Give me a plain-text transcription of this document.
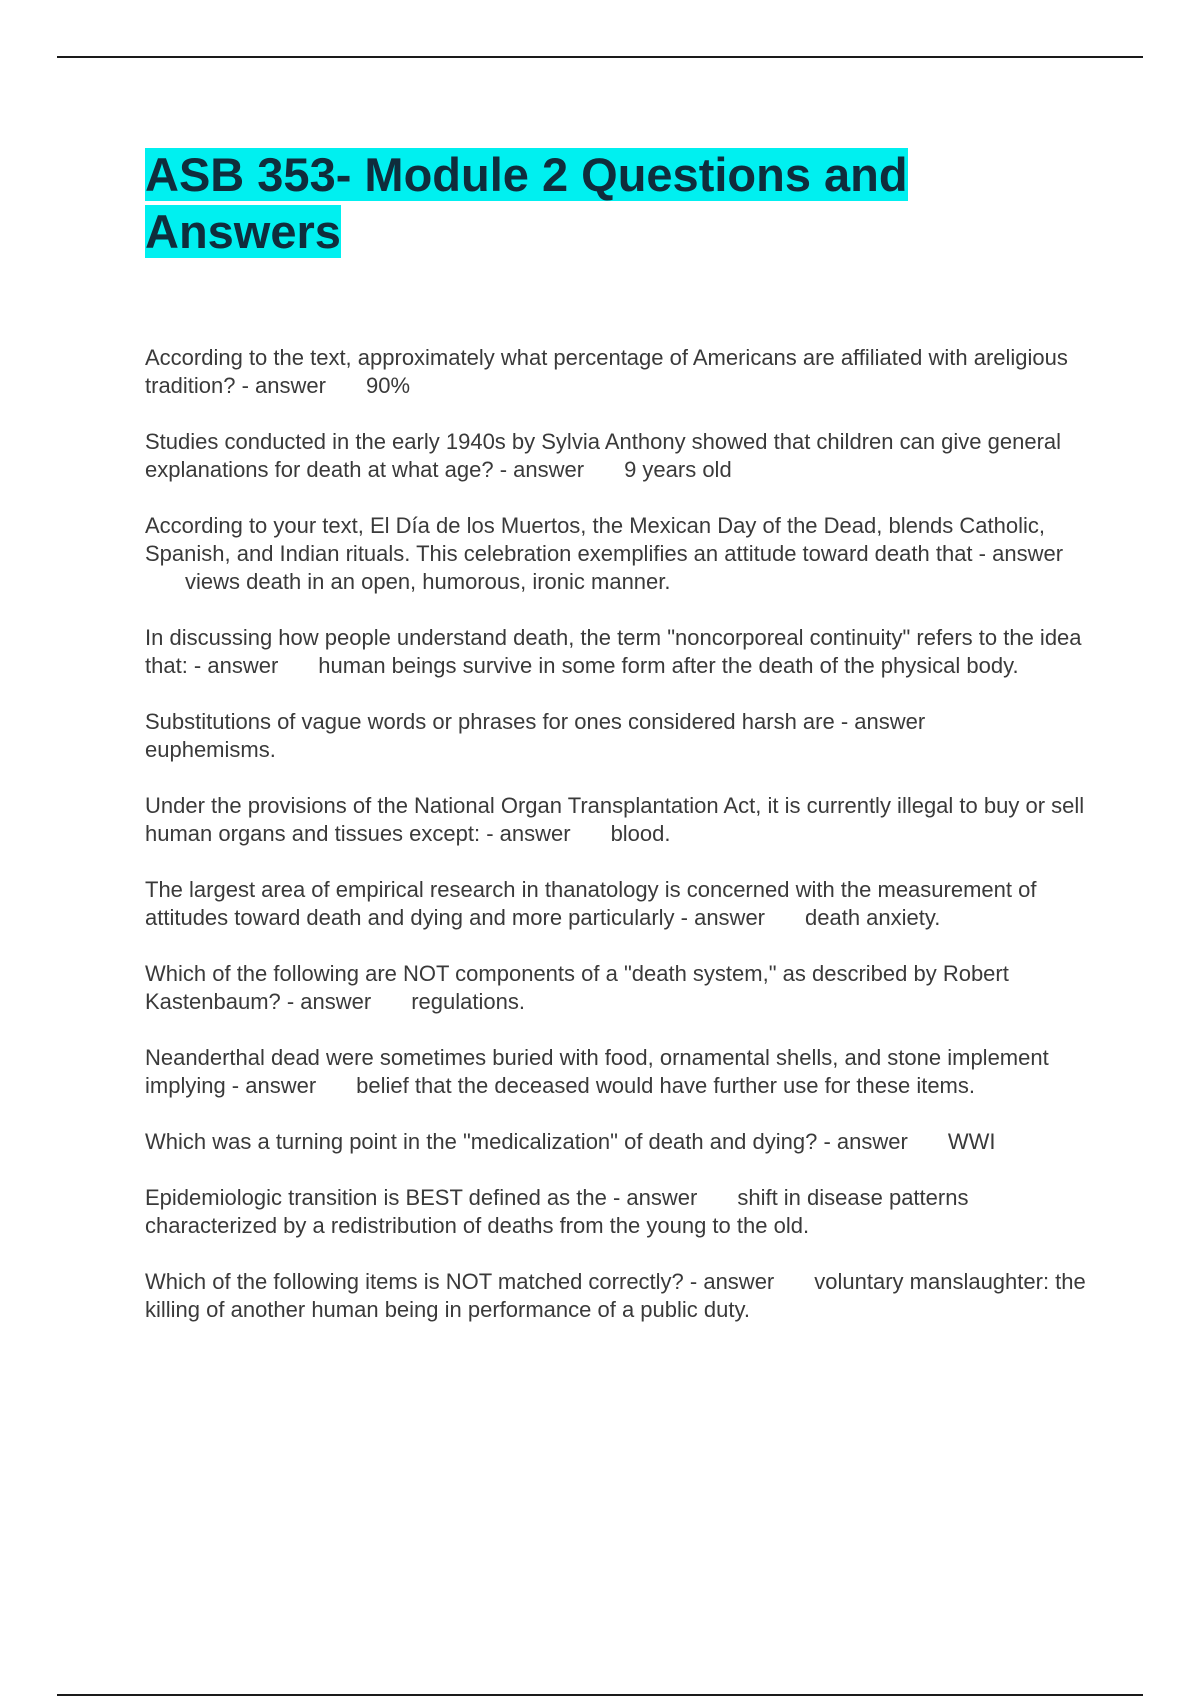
ASB 353- Module 2 Questions and Answers

According to the text, approximately what percentage of Americans are affiliated with areligious tradition? - answer 90%

Studies conducted in the early 1940s by Sylvia Anthony showed that children can give general explanations for death at what age? - answer 9 years old

According to your text, El Día de los Muertos, the Mexican Day of the Dead, blends Catholic, Spanish, and Indian rituals. This celebration exemplifies an attitude toward death that - answerviews death in an open, humorous, ironic manner.

In discussing how people understand death, the term "noncorporeal continuity" refers to the idea that: - answer human beings survive in some form after the death of the physical body.

Substitutions of vague words or phrases for ones considered harsh are - answereuphemisms.

Under the provisions of the National Organ Transplantation Act, it is currently illegal to buy or sell human organs and tissues except: - answer blood.

The largest area of empirical research in thanatology is concerned with the measurement of attitudes toward death and dying and more particularly - answer death anxiety.

Which of the following are NOT components of a "death system," as described by Robert Kastenbaum? - answer regulations.

Neanderthal dead were sometimes buried with food, ornamental shells, and stone implement implying - answer belief that the deceased would have further use for these items.

Which was a turning point in the "medicalization" of death and dying? - answer WWI

Epidemiologic transition is BEST defined as the - answer shift in disease patterns characterized by a redistribution of deaths from the young to the old.

Which of the following items is NOT matched correctly? - answer voluntary manslaughter: the killing of another human being in performance of a public duty.
